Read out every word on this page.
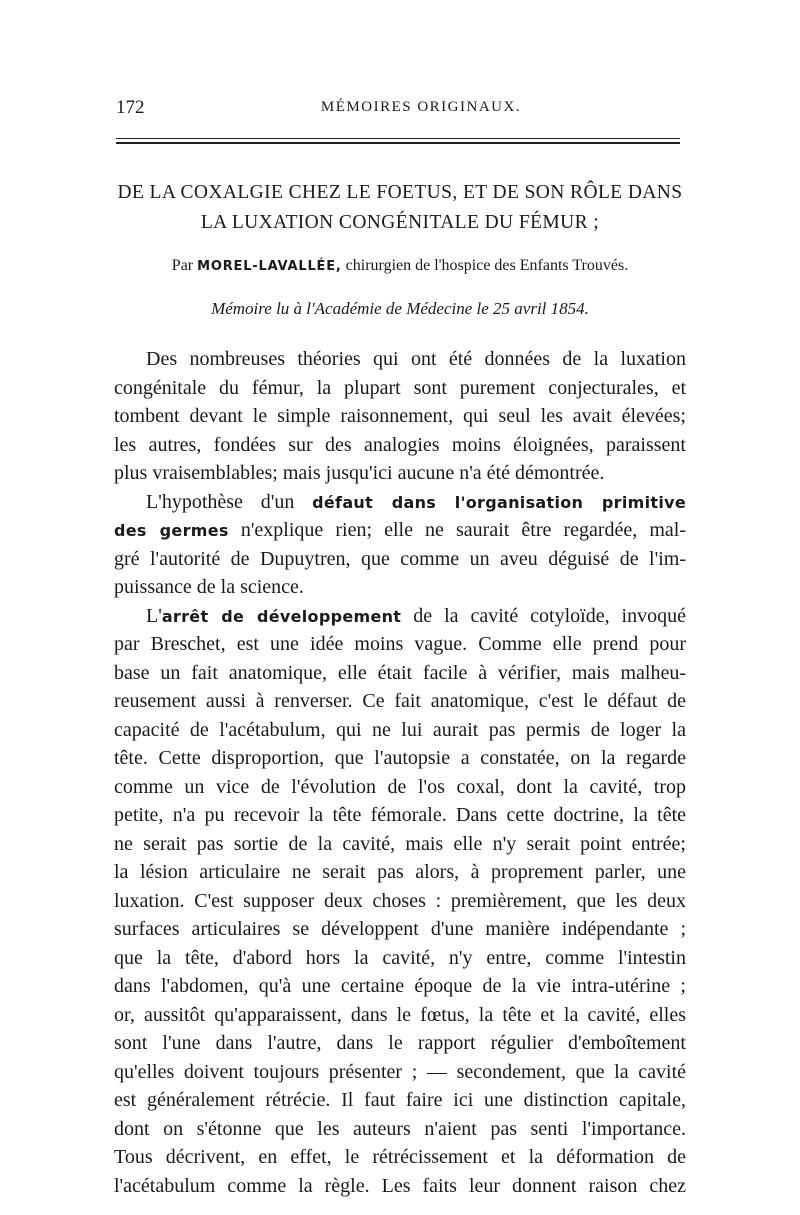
172	MÉMOIRES ORIGINAUX.
DE LA COXALGIE CHEZ LE FOETUS, ET DE SON RÔLE DANS
LA LUXATION CONGÉNITALE DU FÉMUR ;
Par MOREL-LAVALLÉE, chirurgien de l'hospice des Enfants Trouvés.
Mémoire lu à l'Académie de Médecine le 25 avril 1854.
Des nombreuses théories qui ont été données de la luxation
congénitale du fémur, la plupart sont purement conjecturales, et
tombent devant le simple raisonnement, qui seul les avait élevées;
les autres, fondées sur des analogies moins éloignées, paraissent
plus vraisemblables; mais jusqu'ici aucune n'a été démontrée.
L'hypothèse d'un défaut dans l'organisation primitive
des germes n'explique rien; elle ne saurait être regardée, mal-
gré l'autorité de Dupuytren, que comme un aveu déguisé de l'im-
puissance de la science.
L'arrêt de développement de la cavité cotyloïde, invoqué
par Breschet, est une idée moins vague. Comme elle prend pour
base un fait anatomique, elle était facile à vérifier, mais malheu-
reusement aussi à renverser. Ce fait anatomique, c'est le défaut de
capacité de l'acétabulum, qui ne lui aurait pas permis de loger la
tête. Cette disproportion, que l'autopsie a constatée, on la regarde
comme un vice de l'évolution de l'os coxal, dont la cavité, trop
petite, n'a pu recevoir la tête fémorale. Dans cette doctrine, la tête
ne serait pas sortie de la cavité, mais elle n'y serait point entrée;
la lésion articulaire ne serait pas alors, à proprement parler, une
luxation. C'est supposer deux choses : premièrement, que les deux
surfaces articulaires se développent d'une manière indépendante ;
que la tête, d'abord hors la cavité, n'y entre, comme l'intestin
dans l'abdomen, qu'à une certaine époque de la vie intra-utérine ;
or, aussitôt qu'apparaissent, dans le fœtus, la tête et la cavité, elles
sont l'une dans l'autre, dans le rapport régulier d'emboîtement
qu'elles doivent toujours présenter ; — secondement, que la cavité
est généralement rétrécie. Il faut faire ici une distinction capitale,
dont on s'étonne que les auteurs n'aient pas senti l'importance.
Tous décrivent, en effet, le rétrécissement et la déformation de
l'acétabulum comme la règle. Les faits leur donnent raison chez
